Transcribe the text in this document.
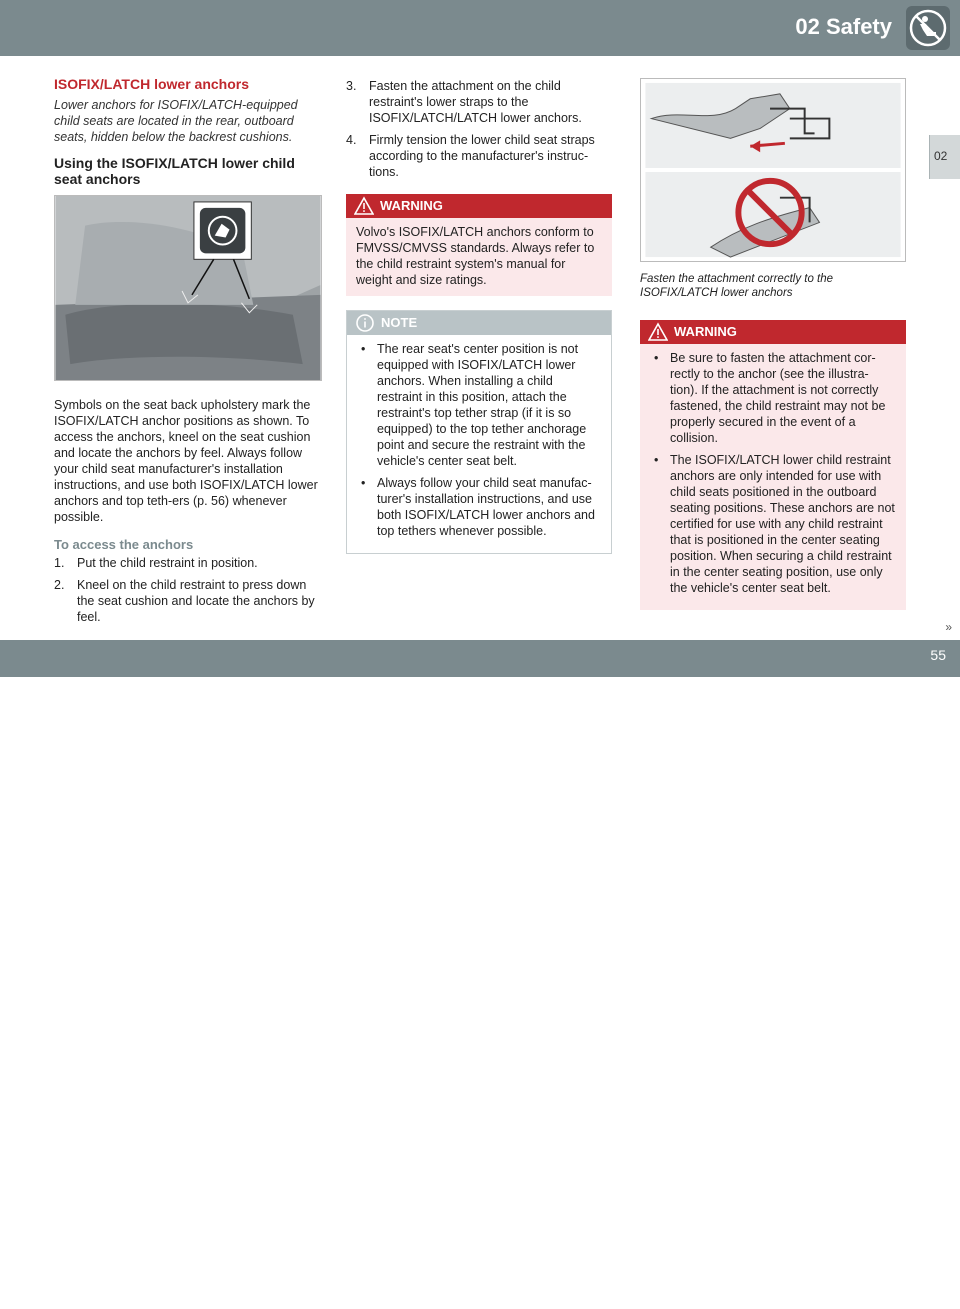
02 Safety
02
ISOFIX/LATCH lower anchors

Lower anchors for ISOFIX/LATCH-equipped child seats are located in the rear, outboard seats, hidden below the backrest cushions.

Using the ISOFIX/LATCH lower child seat anchors

Symbols on the seat back upholstery mark the ISOFIX/LATCH anchor positions as shown. To access the anchors, kneel on the seat cushion and locate the anchors by feel. Always follow your child seat manufacturer's installation instructions, and use both ISOFIX/LATCH lower anchors and top teth-ers (p. 56) whenever possible.

To access the anchors
1. Put the child restraint in position.
2. Kneel on the child restraint to press down the seat cushion and locate the anchors by feel.
3. Fasten the attachment on the child restraint's lower straps to the ISOFIX/LATCH/LATCH lower anchors.
4. Firmly tension the lower child seat straps according to the manufacturer's instruc-tions.
WARNING

Volvo's ISOFIX/LATCH anchors conform to FMVSS/CMVSS standards. Always refer to the child restraint system's manual for weight and size ratings.

NOTE
• The rear seat's center position is not equipped with ISOFIX/LATCH lower anchors. When installing a child restraint in this position, attach the restraint's top tether strap (if it is so equipped) to the top tether anchorage point and secure the restraint with the vehicle's center seat belt.
• Always follow your child seat manufac-turer's installation instructions, and use both ISOFIX/LATCH lower anchors and top tethers whenever possible.

Fasten the attachment correctly to the ISOFIX/LATCH lower anchors

WARNING
• Be sure to fasten the attachment cor-rectly to the anchor (see the illustra-tion). If the attachment is not correctly fastened, the child restraint may not be properly secured in the event of a collision.
• The ISOFIX/LATCH lower child restraint anchors are only intended for use with child seats positioned in the outboard seating positions. These anchors are not certified for use with any child restraint that is positioned in the center seating position. When securing a child restraint in the center seating position, use only the vehicle's center seat belt.
»
carmanualsonline.info
55
